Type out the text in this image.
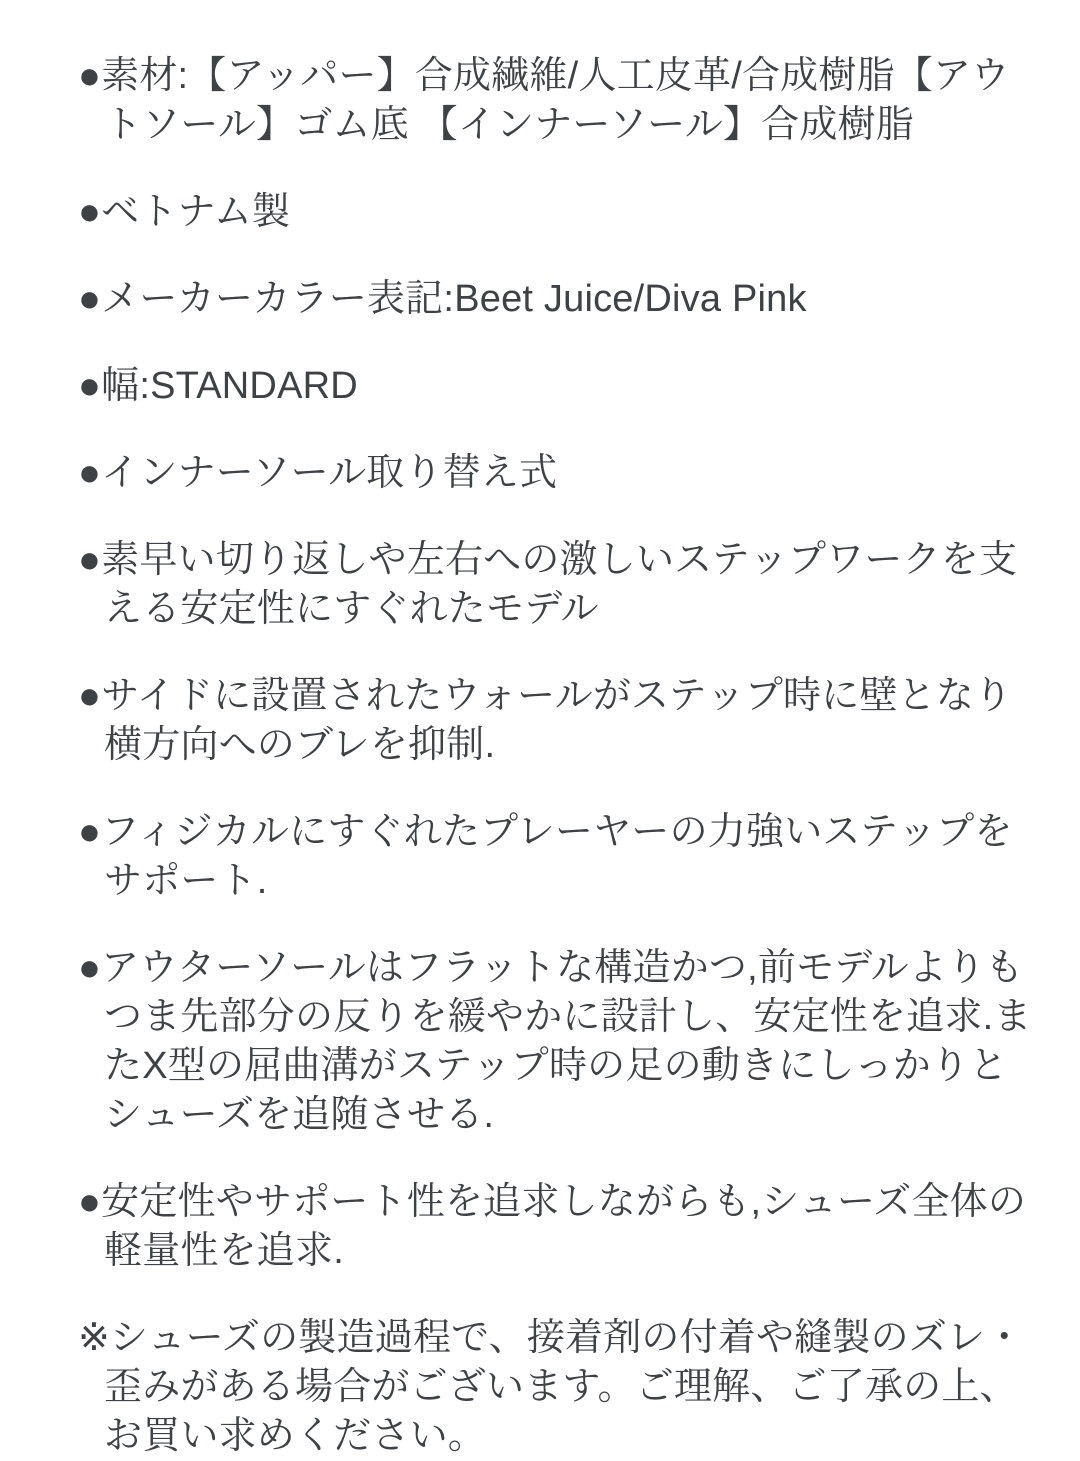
●素材:【アッパー】合成繊維/人工皮革/合成樹脂【アウトソール】ゴム底 【インナーソール】合成樹脂

●ベトナム製

●メーカーカラー表記:Beet Juice/Diva Pink

●幅:STANDARD

●インナーソール取り替え式

●素早い切り返しや左右への激しいステップワークを支える安定性にすぐれたモデル

●サイドに設置されたウォールがステップ時に壁となり横方向へのブレを抑制.

●フィジカルにすぐれたプレーヤーの力強いステップをサポート.

●アウターソールはフラットな構造かつ,前モデルよりもつま先部分の反りを緩やかに設計し、安定性を追求.またX型の屈曲溝がステップ時の足の動きにしっかりとシューズを追随させる.

●安定性やサポート性を追求しながらも,シューズ全体の軽量性を追求.

※シューズの製造過程で、接着剤の付着や縫製のズレ・歪みがある場合がございます。ご理解、ご了承の上、お買い求めください。
